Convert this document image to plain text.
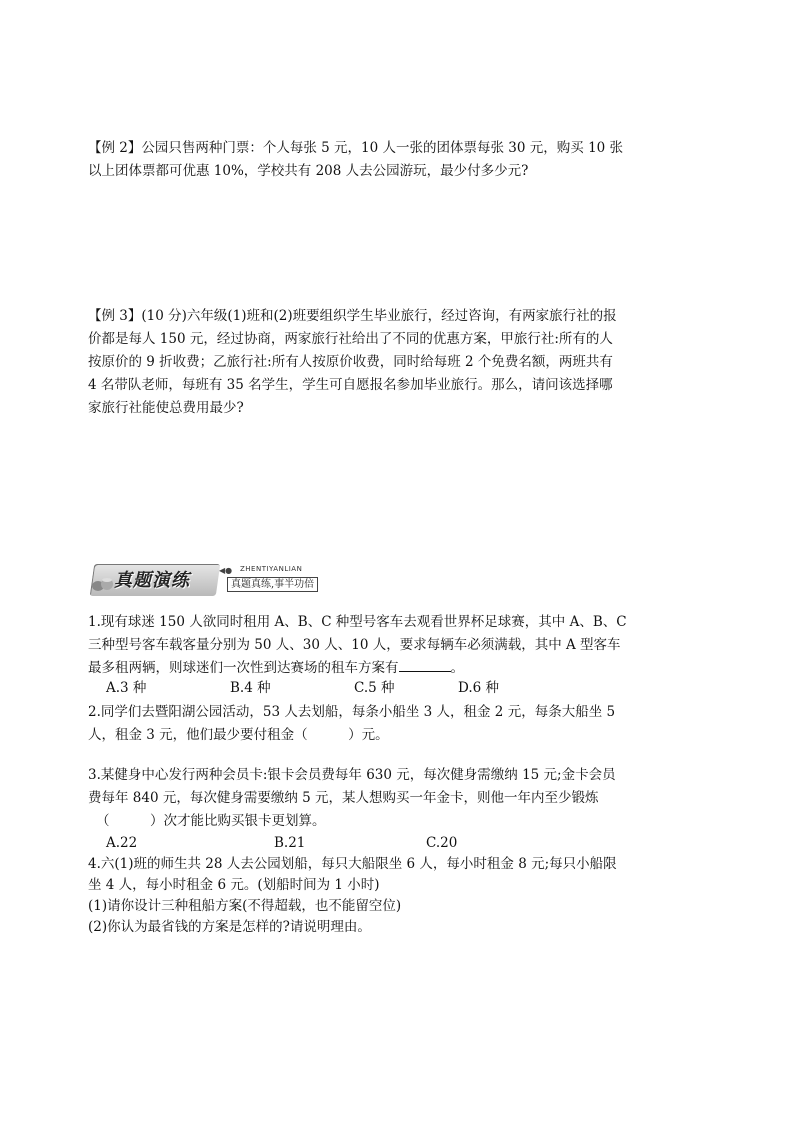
【例 2】公园只售两种门票：个人每张 5 元，10 人一张的团体票每张 30 元，购买 10 张
以上团体票都可优惠 10%，学校共有 208 人去公园游玩，最少付多少元?
【例 3】(10 分)六年级(1)班和(2)班要组织学生毕业旅行，经过咨询，有两家旅行社的报
价都是每人 150 元，经过协商，两家旅行社给出了不同的优惠方案，甲旅行社:所有的人
按原价的 9 折收费；乙旅行社:所有人按原价收费，同时给每班 2 个免费名额，两班共有
4 名带队老师，每班有 35 名学生，学生可自愿报名参加毕业旅行。那么，请问该选择哪
家旅行社能使总费用最少?
真题演练	◀● ZHENTIYANLIAN
真题真练,事半功倍
1.现有球迷 150 人欲同时租用 A、B、C 种型号客车去观看世界杯足球赛，其中 A、B、C
三种型号客车载客量分别为 50 人、30 人、10 人，要求每辆车必须满载，其中 A 型客车
最多租两辆，则球迷们一次性到达赛场的租车方案有	。
A.3 种	B.4 种	C.5 种	D.6 种
2.同学们去暨阳湖公园活动，53 人去划船，每条小船坐 3 人，租金 2 元，每条大船坐 5
人，租金 3 元，他们最少要付租金（　　　）元。
3.某健身中心发行两种会员卡:银卡会员费每年 630 元，每次健身需缴纳 15 元;金卡会员
费每年 840 元，每次健身需要缴纳 5 元，某人想购买一年金卡，则他一年内至少锻炼
（　　　）次才能比购买银卡更划算。
A.22	B.21	C.20
4.六(1)班的师生共 28 人去公园划船，每只大船限坐 6 人，每小时租金 8 元;每只小船限
坐 4 人，每小时租金 6 元。(划船时间为 1 小时)
(1)请你设计三种租船方案(不得超载，也不能留空位)
(2)你认为最省钱的方案是怎样的?请说明理由。
